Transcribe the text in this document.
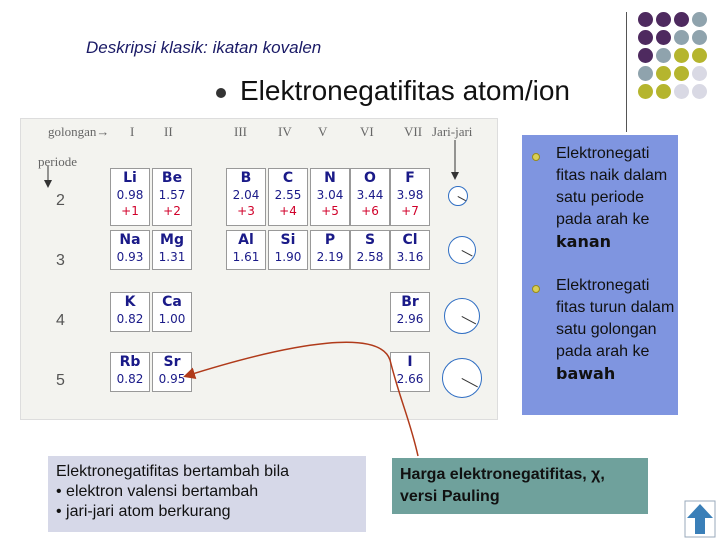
Deskripsi klasik: ikatan kovalen
Elektronegatifitas atom/ion
golongan→ I II	III IV V	VI VII Jari-jari
periode
2
3
4
5
Li
0.98
+1
Be
1.57
+2
B
2.04
+3
C
2.55
+4
N
3.04
+5
O
3.44
+6
F
3.98
+7
Na
0.93
Mg
1.31
Al
1.61
Si
1.90
P
2.19
S
2.58
Cl
3.16
K
0.82
Ca
1.00
Br
2.96
Rb
0.82
Sr
0.95
I
2.66
Elektronegati fitas naik dalam satu periode pada arah ke kanan
Elektronegati fitas turun dalam satu golongan pada arah ke bawah
Elektronegatifitas bertambah bila
• elektron valensi bertambah
• jari-jari atom berkurang
Harga elektronegatifitas, χ, versi Pauling
